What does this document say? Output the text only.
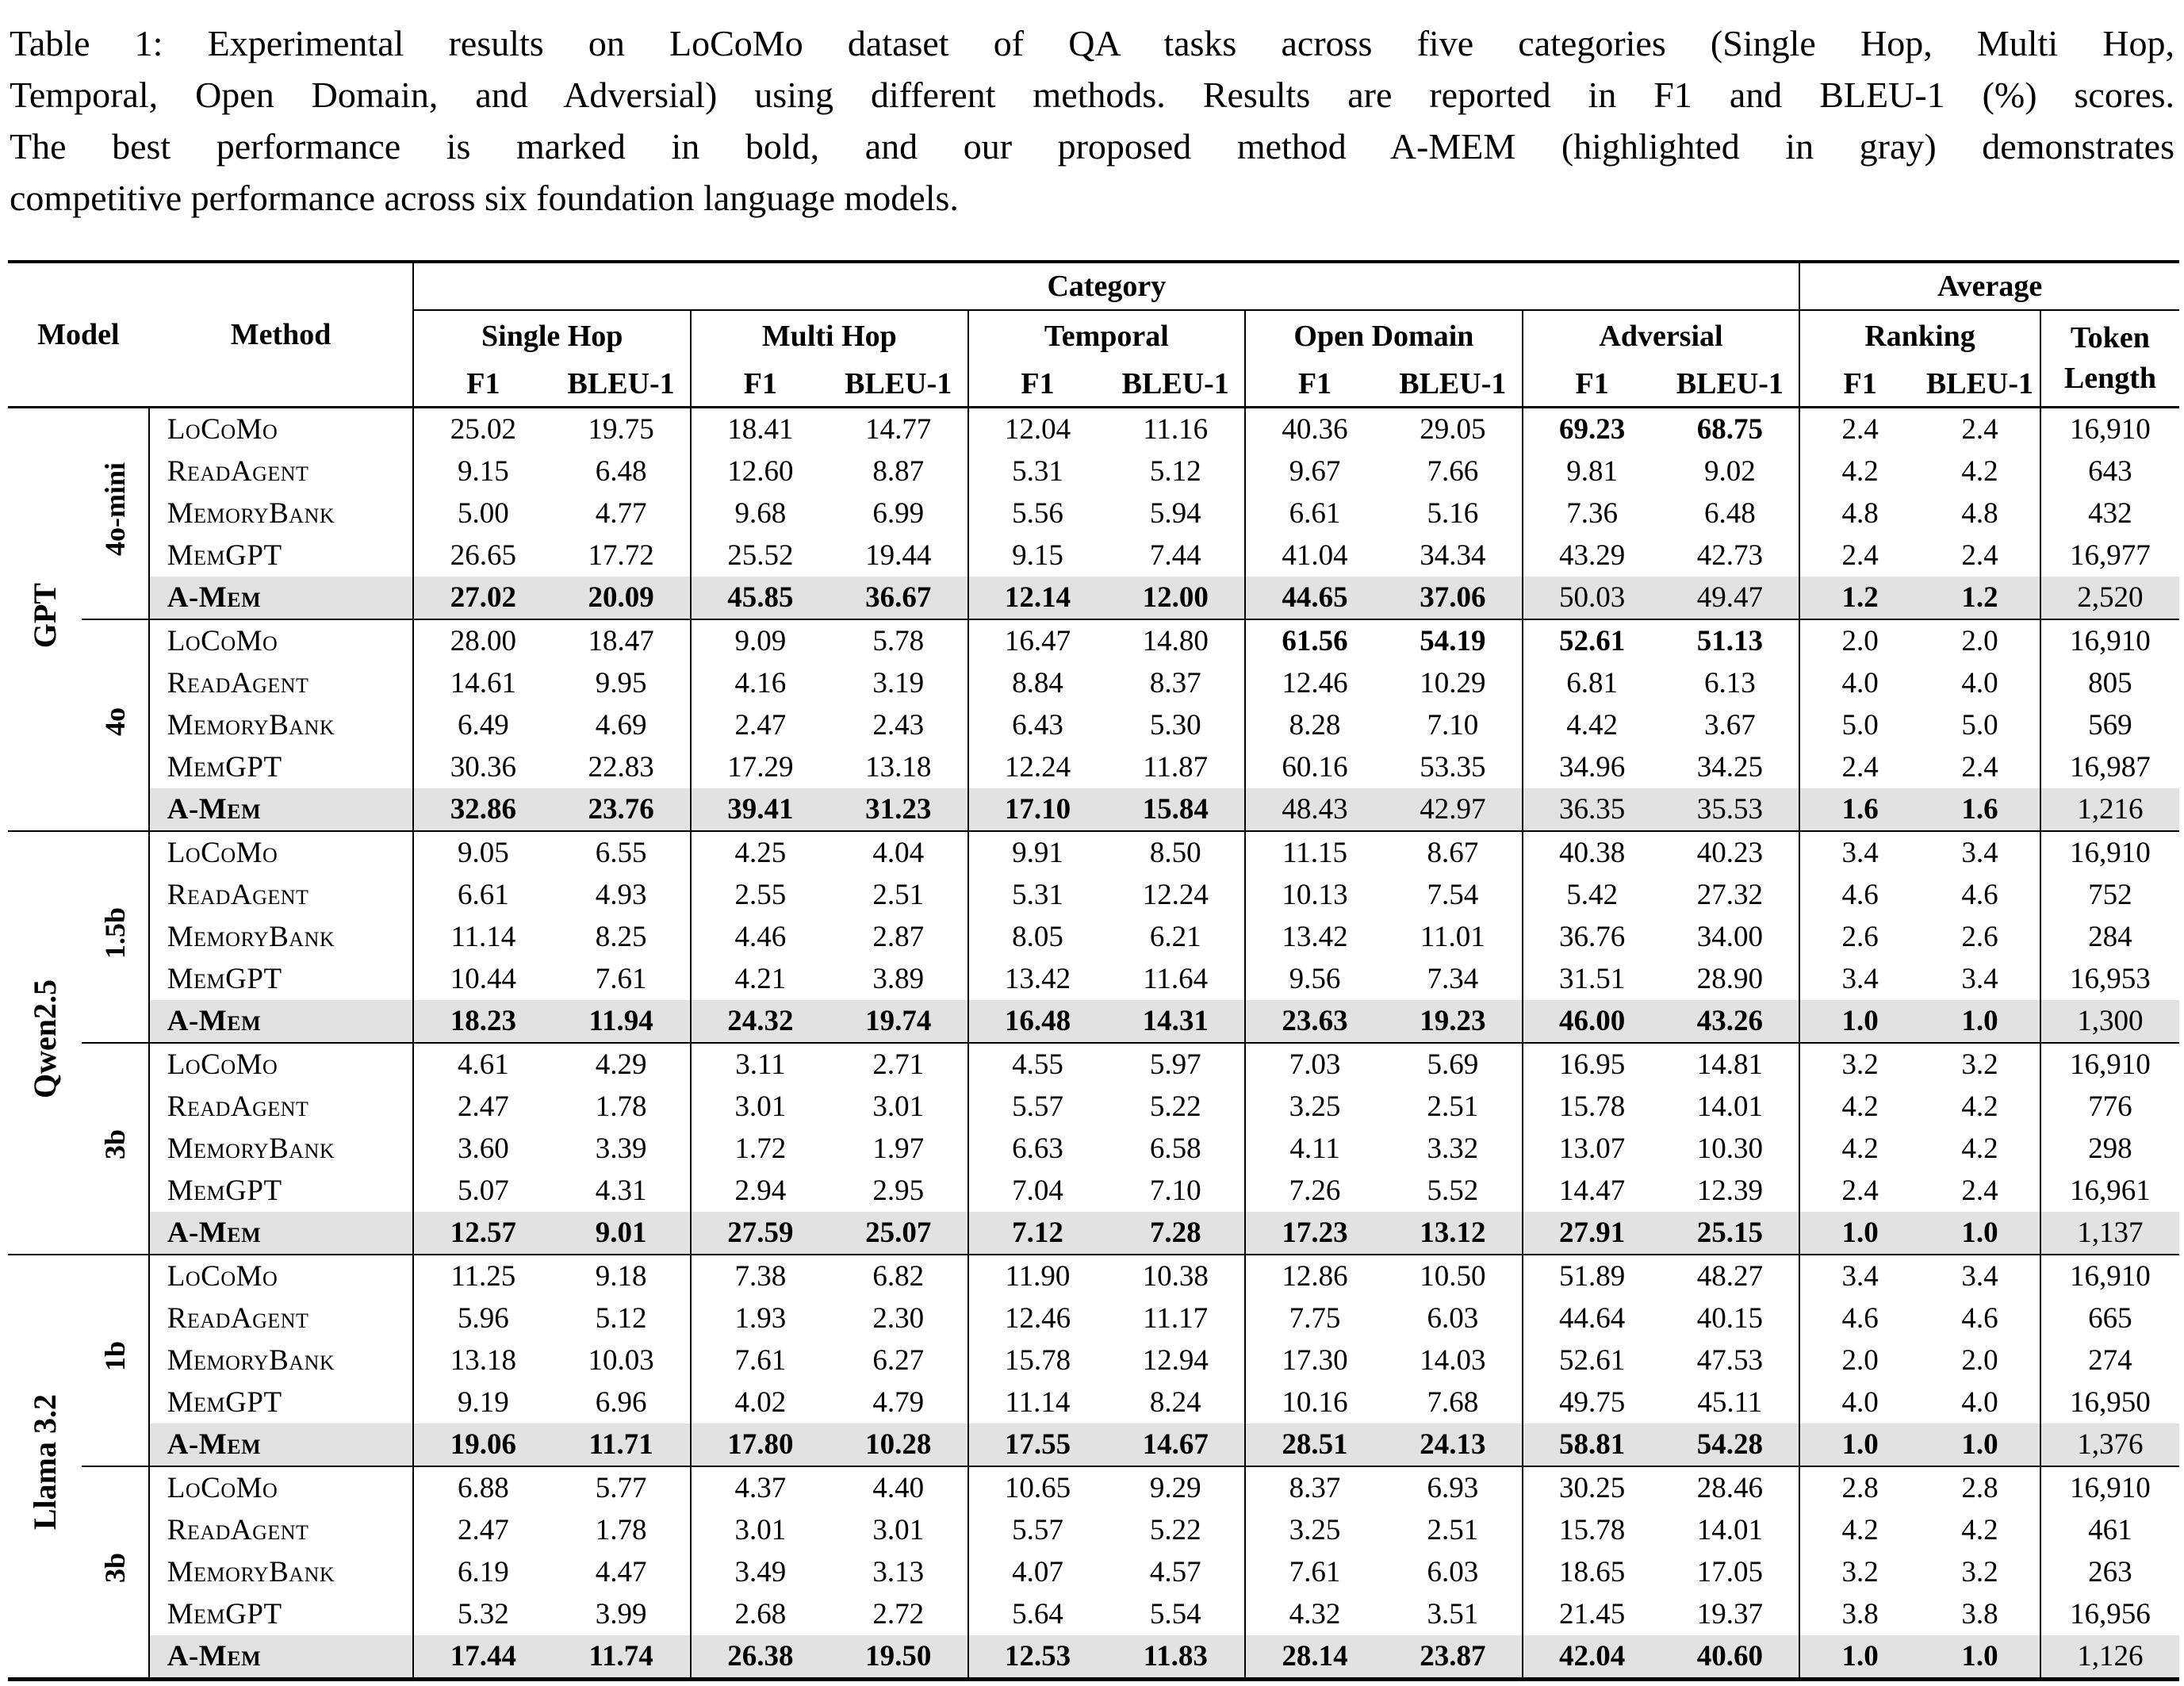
Table 1: Experimental results on LoCoMo dataset of QA tasks across five categories (Single Hop, Multi Hop,
Temporal, Open Domain, and Adversial) using different methods. Results are reported in F1 and BLEU-1 (%) scores.
The best performance is marked in bold, and our proposed method A-MEM (highlighted in gray) demonstrates
competitive performance across six foundation language models.
Model		Method	Category										Average		
			Single Hop		Multi Hop		Temporal		Open Domain		Adversial		Ranking		Token
Length

			F1	BLEU-1	F1	BLEU-1	F1	BLEU-1	F1	BLEU-1	F1	BLEU-1	F1	BLEU-1	
GPT	4o-mini	LoCoMo	25.02	19.75	18.41	14.77	12.04	11.16	40.36	29.05	69.23	68.75	2.4	2.4	16,910
		ReadAgent	9.15	6.48	12.60	8.87	5.31	5.12	9.67	7.66	9.81	9.02	4.2	4.2	643
		MemoryBank	5.00	4.77	9.68	6.99	5.56	5.94	6.61	5.16	7.36	6.48	4.8	4.8	432
		MemGPT	26.65	17.72	25.52	19.44	9.15	7.44	41.04	34.34	43.29	42.73	2.4	2.4	16,977
		A-Mem	27.02	20.09	45.85	36.67	12.14	12.00	44.65	37.06	50.03	49.47	1.2	1.2	2,520
	4o	LoCoMo	28.00	18.47	9.09	5.78	16.47	14.80	61.56	54.19	52.61	51.13	2.0	2.0	16,910
		ReadAgent	14.61	9.95	4.16	3.19	8.84	8.37	12.46	10.29	6.81	6.13	4.0	4.0	805
		MemoryBank	6.49	4.69	2.47	2.43	6.43	5.30	8.28	7.10	4.42	3.67	5.0	5.0	569
		MemGPT	30.36	22.83	17.29	13.18	12.24	11.87	60.16	53.35	34.96	34.25	2.4	2.4	16,987
		A-Mem	32.86	23.76	39.41	31.23	17.10	15.84	48.43	42.97	36.35	35.53	1.6	1.6	1,216
Qwen2.5	1.5b	LoCoMo	9.05	6.55	4.25	4.04	9.91	8.50	11.15	8.67	40.38	40.23	3.4	3.4	16,910
		ReadAgent	6.61	4.93	2.55	2.51	5.31	12.24	10.13	7.54	5.42	27.32	4.6	4.6	752
		MemoryBank	11.14	8.25	4.46	2.87	8.05	6.21	13.42	11.01	36.76	34.00	2.6	2.6	284
		MemGPT	10.44	7.61	4.21	3.89	13.42	11.64	9.56	7.34	31.51	28.90	3.4	3.4	16,953
		A-Mem	18.23	11.94	24.32	19.74	16.48	14.31	23.63	19.23	46.00	43.26	1.0	1.0	1,300
	3b	LoCoMo	4.61	4.29	3.11	2.71	4.55	5.97	7.03	5.69	16.95	14.81	3.2	3.2	16,910
		ReadAgent	2.47	1.78	3.01	3.01	5.57	5.22	3.25	2.51	15.78	14.01	4.2	4.2	776
		MemoryBank	3.60	3.39	1.72	1.97	6.63	6.58	4.11	3.32	13.07	10.30	4.2	4.2	298
		MemGPT	5.07	4.31	2.94	2.95	7.04	7.10	7.26	5.52	14.47	12.39	2.4	2.4	16,961
		A-Mem	12.57	9.01	27.59	25.07	7.12	7.28	17.23	13.12	27.91	25.15	1.0	1.0	1,137
Llama 3.2	1b	LoCoMo	11.25	9.18	7.38	6.82	11.90	10.38	12.86	10.50	51.89	48.27	3.4	3.4	16,910
		ReadAgent	5.96	5.12	1.93	2.30	12.46	11.17	7.75	6.03	44.64	40.15	4.6	4.6	665
		MemoryBank	13.18	10.03	7.61	6.27	15.78	12.94	17.30	14.03	52.61	47.53	2.0	2.0	274
		MemGPT	9.19	6.96	4.02	4.79	11.14	8.24	10.16	7.68	49.75	45.11	4.0	4.0	16,950
		A-Mem	19.06	11.71	17.80	10.28	17.55	14.67	28.51	24.13	58.81	54.28	1.0	1.0	1,376
	3b	LoCoMo	6.88	5.77	4.37	4.40	10.65	9.29	8.37	6.93	30.25	28.46	2.8	2.8	16,910
		ReadAgent	2.47	1.78	3.01	3.01	5.57	5.22	3.25	2.51	15.78	14.01	4.2	4.2	461
		MemoryBank	6.19	4.47	3.49	3.13	4.07	4.57	7.61	6.03	18.65	17.05	3.2	3.2	263
		MemGPT	5.32	3.99	2.68	2.72	5.64	5.54	4.32	3.51	21.45	19.37	3.8	3.8	16,956
		A-Mem	17.44	11.74	26.38	19.50	12.53	11.83	28.14	23.87	42.04	40.60	1.0	1.0	1,126
